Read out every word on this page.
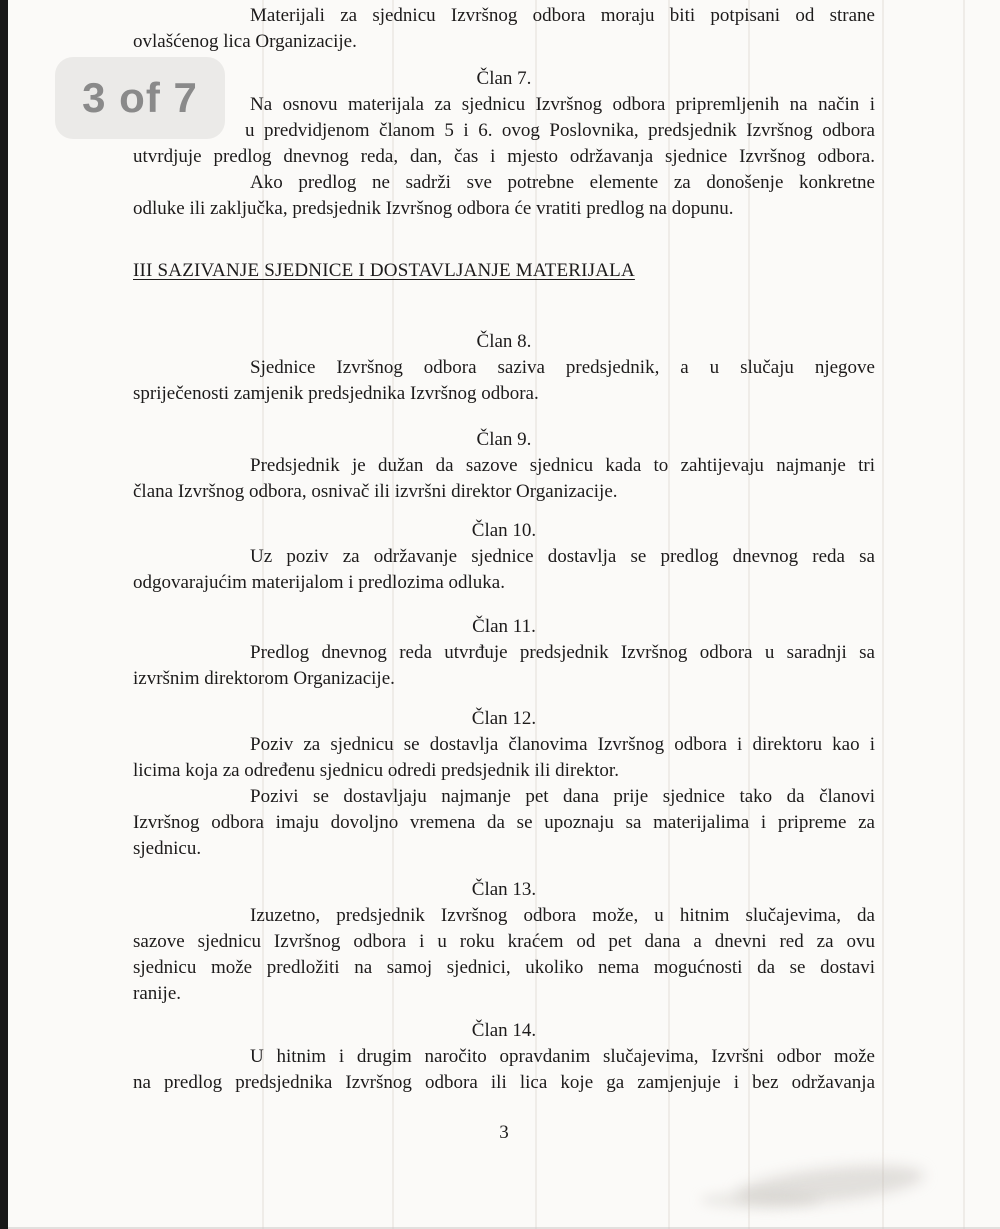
Materijali za sjednicu Izvršnog odbora moraju biti potpisani od strane
ovlašćenog lica Organizacije.
Član 7.
Na osnovu materijala za sjednicu Izvršnog odbora pripremljenih na način i
u predvidjenom članom 5 i 6. ovog Poslovnika, predsjednik Izvršnog odbora
utvrdjuje predlog dnevnog reda, dan, čas i mjesto održavanja sjednice Izvršnog odbora.
Ako predlog ne sadrži sve potrebne elemente za donošenje konkretne
odluke ili zaključka, predsjednik Izvršnog odbora će vratiti predlog na dopunu.
III SAZIVANJE SJEDNICE I DOSTAVLJANJE MATERIJALA
Član 8.
Sjednice Izvršnog odbora saziva predsjednik, a u slučaju njegove
spriječenosti zamjenik predsjednika Izvršnog odbora.
Član 9.
Predsjednik je dužan da sazove sjednicu kada to zahtijevaju najmanje tri
člana Izvršnog odbora, osnivač ili izvršni direktor Organizacije.
Član 10.
Uz poziv za održavanje sjednice dostavlja se predlog dnevnog reda sa
odgovarajućim materijalom i predlozima odluka.
Član 11.
Predlog dnevnog reda utvrđuje predsjednik Izvršnog odbora u saradnji sa
izvršnim direktorom Organizacije.
Član 12.
Poziv za sjednicu se dostavlja članovima Izvršnog odbora i direktoru kao i
licima koja za određenu sjednicu odredi predsjednik ili direktor.
Pozivi se dostavljaju najmanje pet dana prije sjednice tako da članovi
Izvršnog odbora imaju dovoljno vremena da se upoznaju sa materijalima i pripreme za
sjednicu.
Član 13.
Izuzetno, predsjednik Izvršnog odbora može, u hitnim slučajevima, da
sazove sjednicu Izvršnog odbora i u roku kraćem od pet dana a dnevni red za ovu
sjednicu može predložiti na samoj sjednici, ukoliko nema mogućnosti da se dostavi
ranije.
Član 14.
U hitnim i drugim naročito opravdanim slučajevima, Izvršni odbor može
na predlog predsjednika Izvršnog odbora ili lica koje ga zamjenjuje i bez održavanja
3
3 of 7
